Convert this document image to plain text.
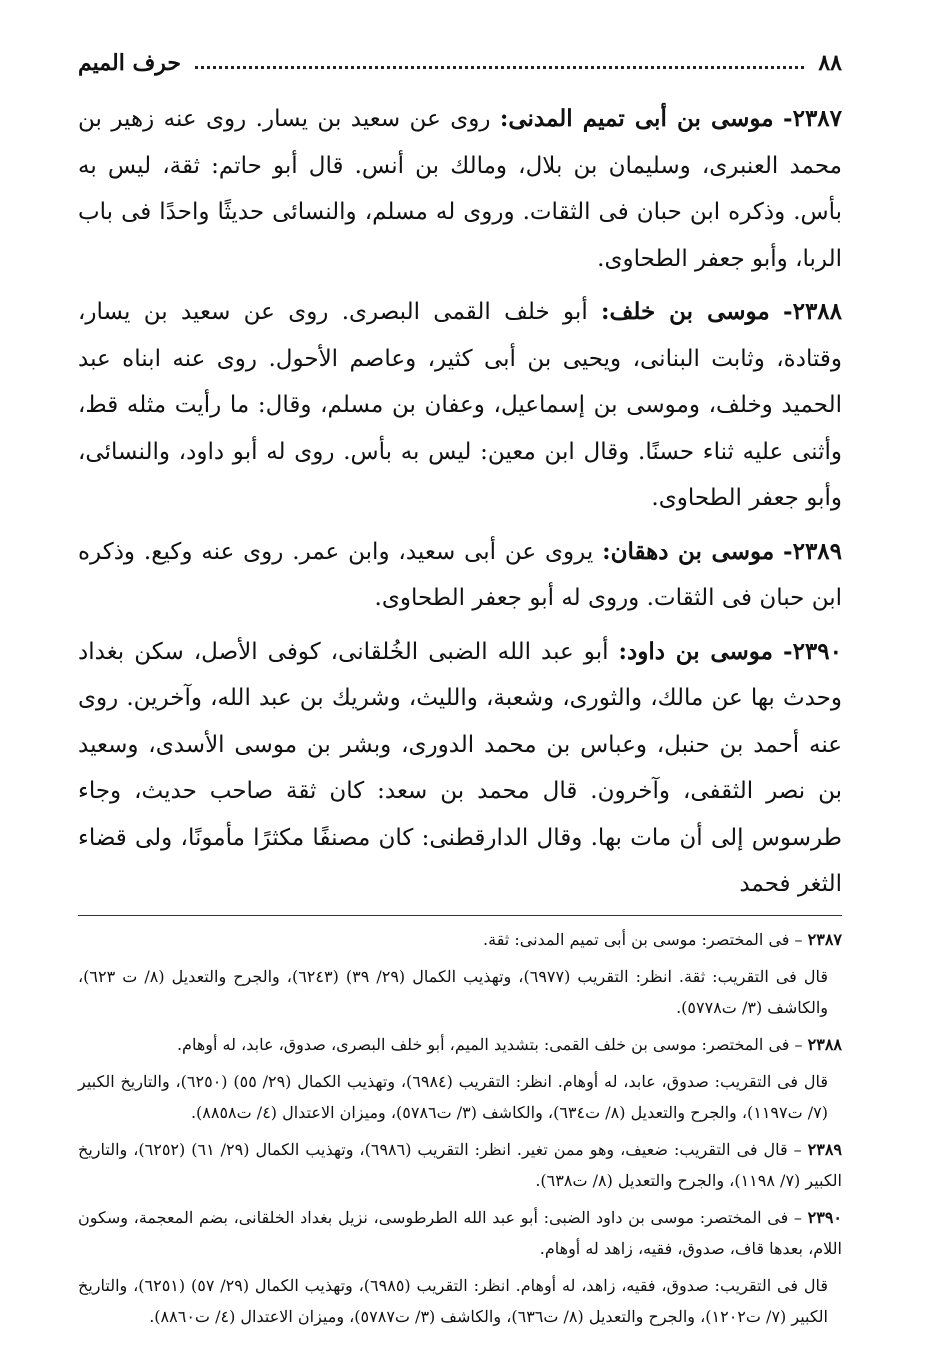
٨٨
حرف الميم

٢٣٨٧- موسى بن أبى تميم المدنى: روى عن سعيد بن يسار. روى عنه زهير بن محمد العنبرى، وسليمان بن بلال، ومالك بن أنس. قال أبو حاتم: ثقة، ليس به بأس. وذكره ابن حبان فى الثقات. وروى له مسلم، والنسائى حديثًا واحدًا فى باب الربا، وأبو جعفر الطحاوى.

٢٣٨٨- موسى بن خلف: أبو خلف القمى البصرى. روى عن سعيد بن يسار، وقتادة، وثابت البنانى، ويحيى بن أبى كثير، وعاصم الأحول. روى عنه ابناه عبد الحميد وخلف، وموسى بن إسماعيل، وعفان بن مسلم، وقال: ما رأيت مثله قط، وأثنى عليه ثناء حسنًا. وقال ابن معين: ليس به بأس. روى له أبو داود، والنسائى، وأبو جعفر الطحاوى.

٢٣٨٩- موسى بن دهقان: يروى عن أبى سعيد، وابن عمر. روى عنه وكيع. وذكره ابن حبان فى الثقات. وروى له أبو جعفر الطحاوى.

٢٣٩٠- موسى بن داود: أبو عبد الله الضبى الخُلقانى، كوفى الأصل، سكن بغداد وحدث بها عن مالك، والثورى، وشعبة، والليث، وشريك بن عبد الله، وآخرين. روى عنه أحمد بن حنبل، وعباس بن محمد الدورى، وبشر بن موسى الأسدى، وسعيد بن نصر الثقفى، وآخرون. قال محمد بن سعد: كان ثقة صاحب حديث، وجاء طرسوس إلى أن مات بها. وقال الدارقطنى: كان مصنفًا مكثرًا مأمونًا، ولى قضاء الثغر فحمد

٢٣٨٧ – فى المختصر: موسى بن أبى تميم المدنى: ثقة.

قال فى التقريب: ثقة. انظر: التقريب (٦٩٧٧)، وتهذيب الكمال (٢٩/ ٣٩) (٦٢٤٣)، والجرح والتعديل (٨/ ت ٦٢٣)، والكاشف (٣/ ت٥٧٧٨).

٢٣٨٨ – فى المختصر: موسى بن خلف القمى: بتشديد الميم، أبو خلف البصرى، صدوق، عابد، له أوهام.

قال فى التقريب: صدوق، عابد، له أوهام. انظر: التقريب (٦٩٨٤)، وتهذيب الكمال (٢٩/ ٥٥) (٦٢٥٠)، والتاريخ الكبير (٧/ ت١١٩٧)، والجرح والتعديل (٨/ ت٦٣٤)، والكاشف (٣/ ت٥٧٨٦)، وميزان الاعتدال (٤/ ت٨٨٥٨).

٢٣٨٩ – قال فى التقريب: ضعيف، وهو ممن تغير. انظر: التقريب (٦٩٨٦)، وتهذيب الكمال (٢٩/ ٦١) (٦٢٥٢)، والتاريخ الكبير (٧/ ١١٩٨)، والجرح والتعديل (٨/ ت٦٣٨).

٢٣٩٠ – فى المختصر: موسى بن داود الضبى: أبو عبد الله الطرطوسى، نزيل بغداد الخلقانى، بضم المعجمة، وسكون اللام، بعدها قاف، صدوق، فقيه، زاهد له أوهام.

قال فى التقريب: صدوق، فقيه، زاهد، له أوهام. انظر: التقريب (٦٩٨٥)، وتهذيب الكمال (٢٩/ ٥٧) (٦٢٥١)، والتاريخ الكبير (٧/ ت١٢٠٢)، والجرح والتعديل (٨/ ت٦٣٦)، والكاشف (٣/ ت٥٧٨٧)، وميزان الاعتدال (٤/ ت٨٨٦٠).
